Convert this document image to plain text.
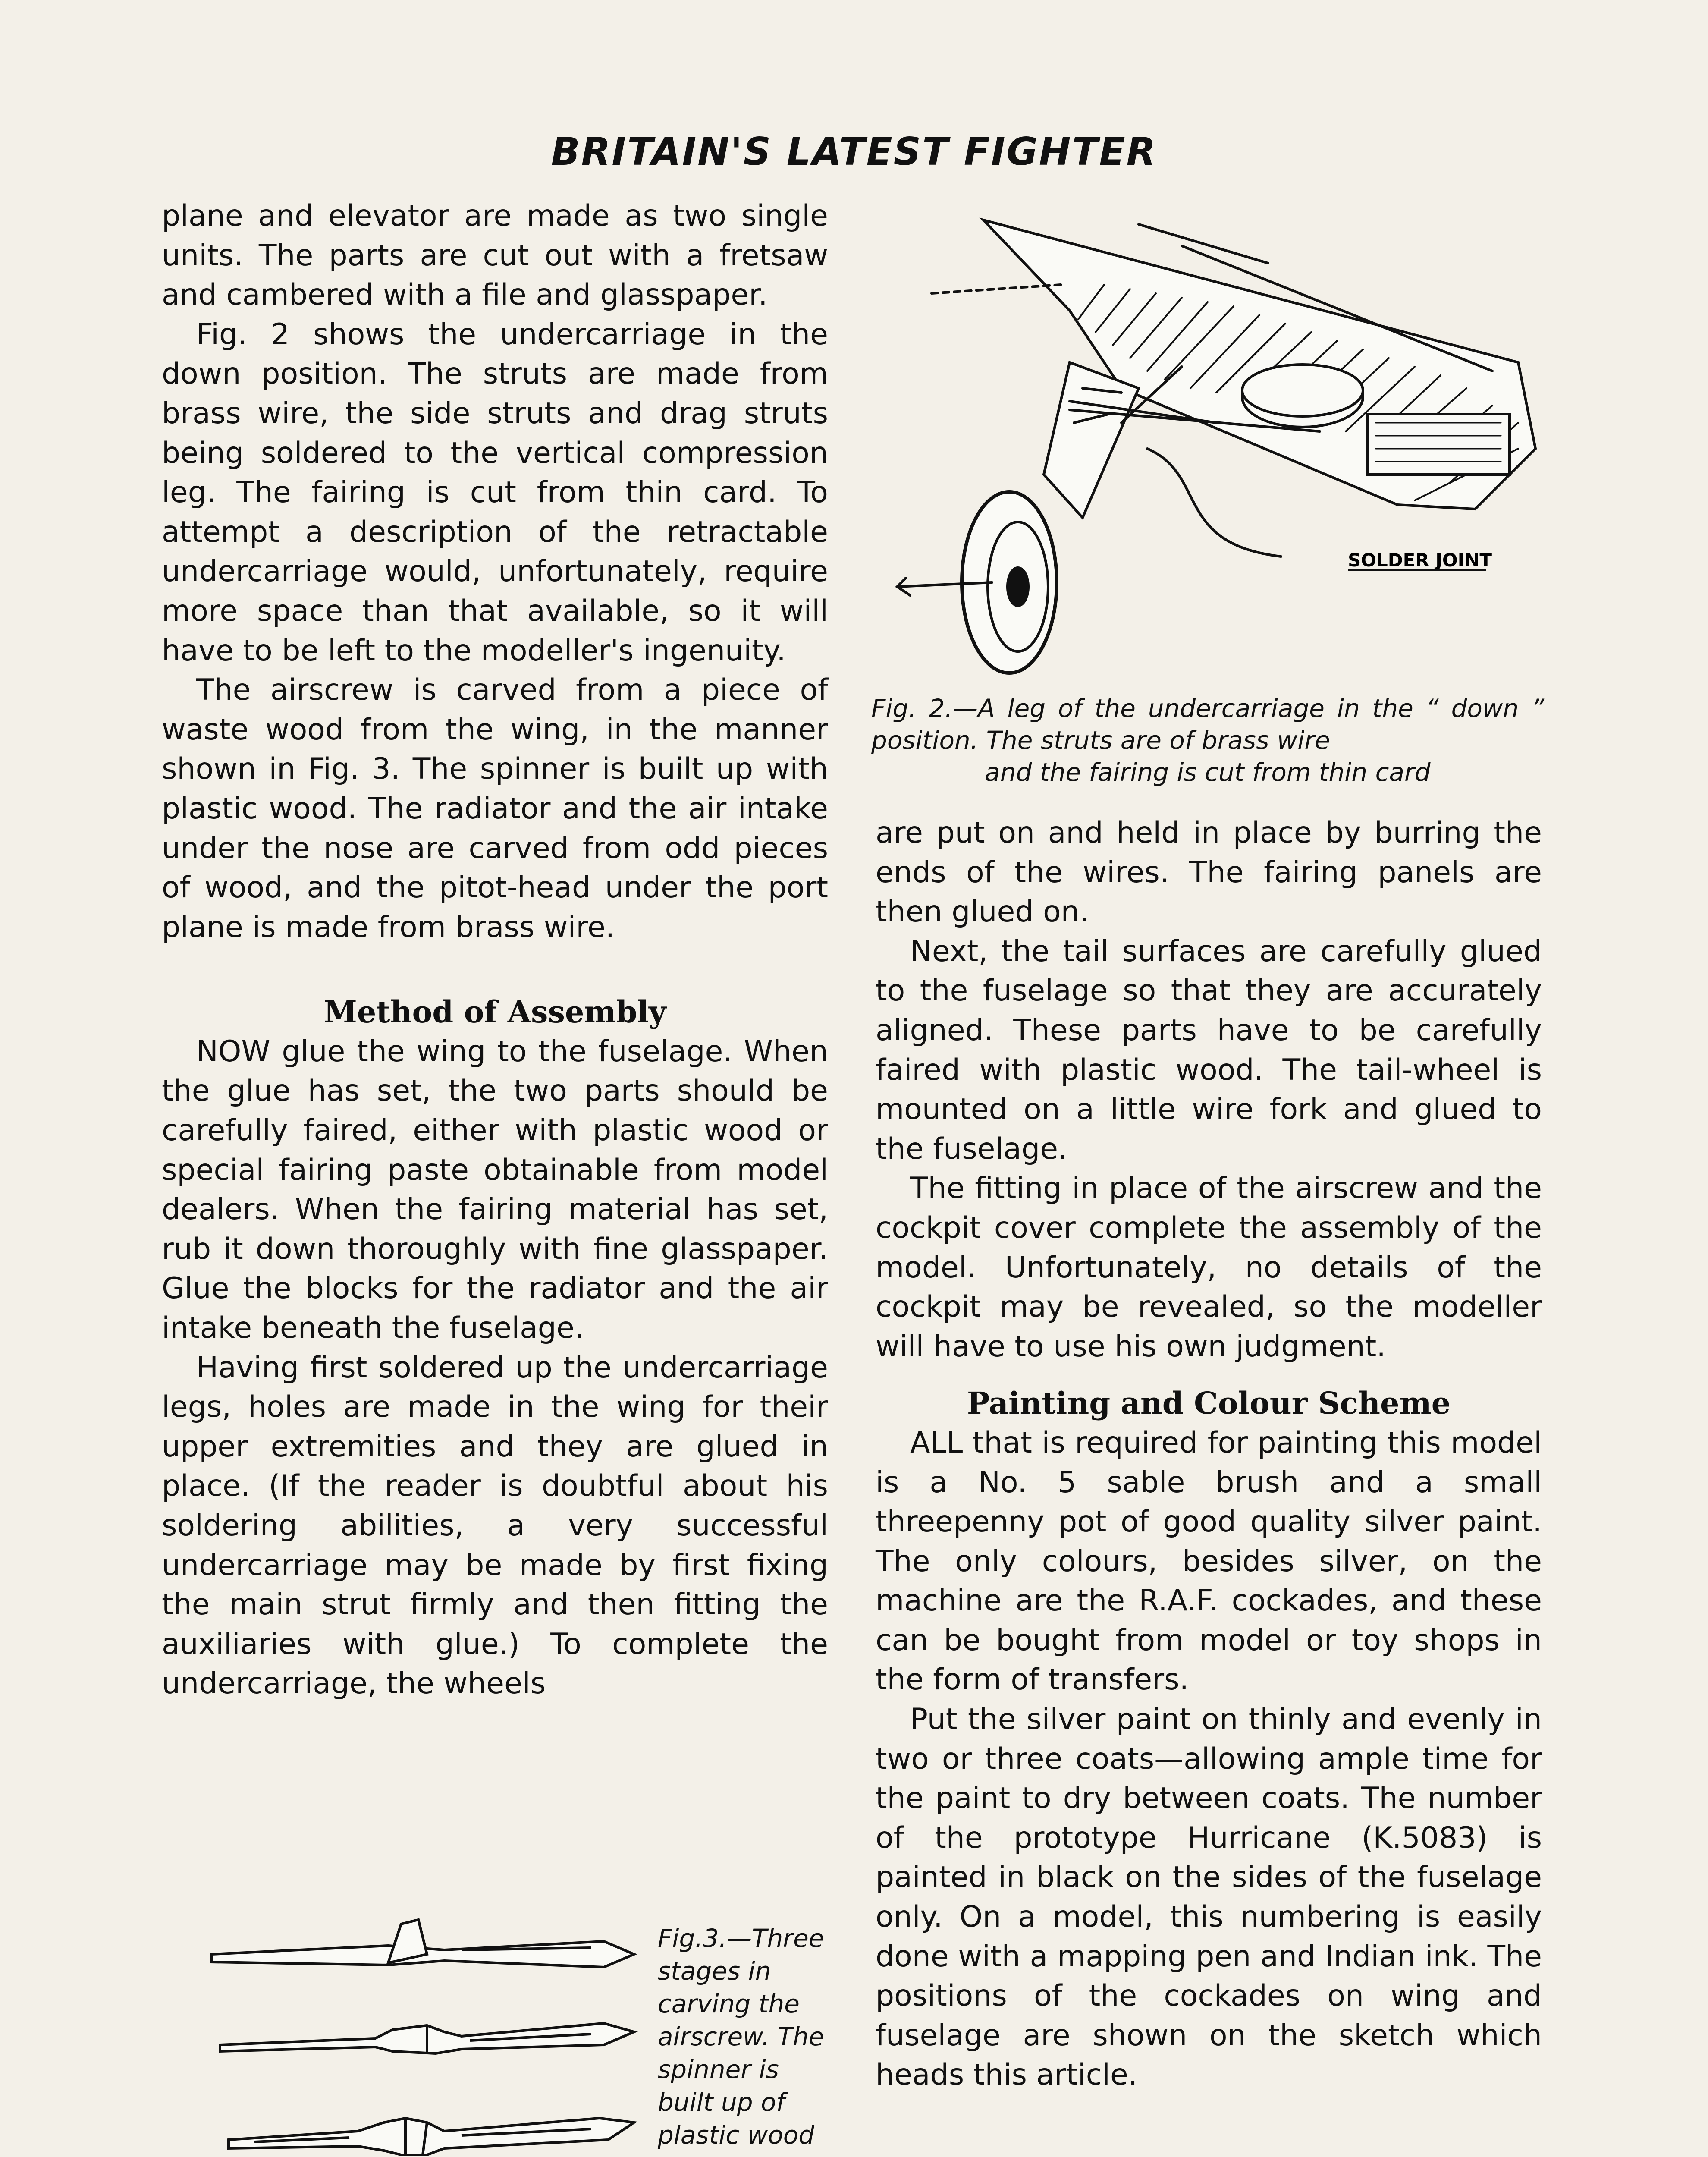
BRITAIN'S LATEST FIGHTER

plane and elevator are made as two single units. The parts are cut out with a fretsaw and cambered with a file and glasspaper.

Fig. 2 shows the undercarriage in the down position. The struts are made from brass wire, the side struts and drag struts being soldered to the vertical compression leg. The fairing is cut from thin card. To attempt a description of the retractable undercarriage would, unfortunately, require more space than that available, so it will have to be left to the modeller's ingenuity.

The airscrew is carved from a piece of waste wood from the wing, in the manner shown in Fig. 3. The spinner is built up with plastic wood. The radiator and the air intake under the nose are carved from odd pieces of wood, and the pitot-head under the port plane is made from brass wire.

Method of Assembly

NOW glue the wing to the fuselage. When the glue has set, the two parts should be carefully faired, either with plastic wood or special fairing paste obtainable from model dealers. When the fairing material has set, rub it down thoroughly with fine glasspaper. Glue the blocks for the radiator and the air intake beneath the fuselage.

Having first soldered up the undercarriage legs, holes are made in the wing for their upper extremities and they are glued in place. (If the reader is doubtful about his soldering abilities, a very successful undercarriage may be made by first fixing the main strut firmly and then fitting the auxiliaries with glue.) To complete the undercarriage, the wheels

SOLDER JOINT
Fig. 2.—A leg of the undercarriage in the “ down ” position. The struts are of brass wire
and the fairing is cut from thin card

are put on and held in place by burring the ends of the wires. The fairing panels are then glued on.

Next, the tail surfaces are carefully glued to the fuselage so that they are accurately aligned. These parts have to be carefully faired with plastic wood. The tail-wheel is mounted on a little wire fork and glued to the fuselage.

The fitting in place of the airscrew and the cockpit cover complete the assembly of the model. Unfortunately, no details of the cockpit may be revealed, so the modeller will have to use his own judgment.

Painting and Colour Scheme

ALL that is required for painting this model is a No. 5 sable brush and a small threepenny pot of good quality silver paint. The only colours, besides silver, on the machine are the R.A.F. cockades, and these can be bought from model or toy shops in the form of transfers.

Put the silver paint on thinly and evenly in two or three coats—allowing ample time for the paint to dry between coats. The number of the prototype Hurricane (K.5083) is painted in black on the sides of the fuselage only. On a model, this numbering is easily done with a mapping pen and Indian ink. The positions of the cockades on wing and fuselage are shown on the sketch which heads this article.

Fig.3.—Three stages in carving the airscrew. The spinner is built up of plastic wood
